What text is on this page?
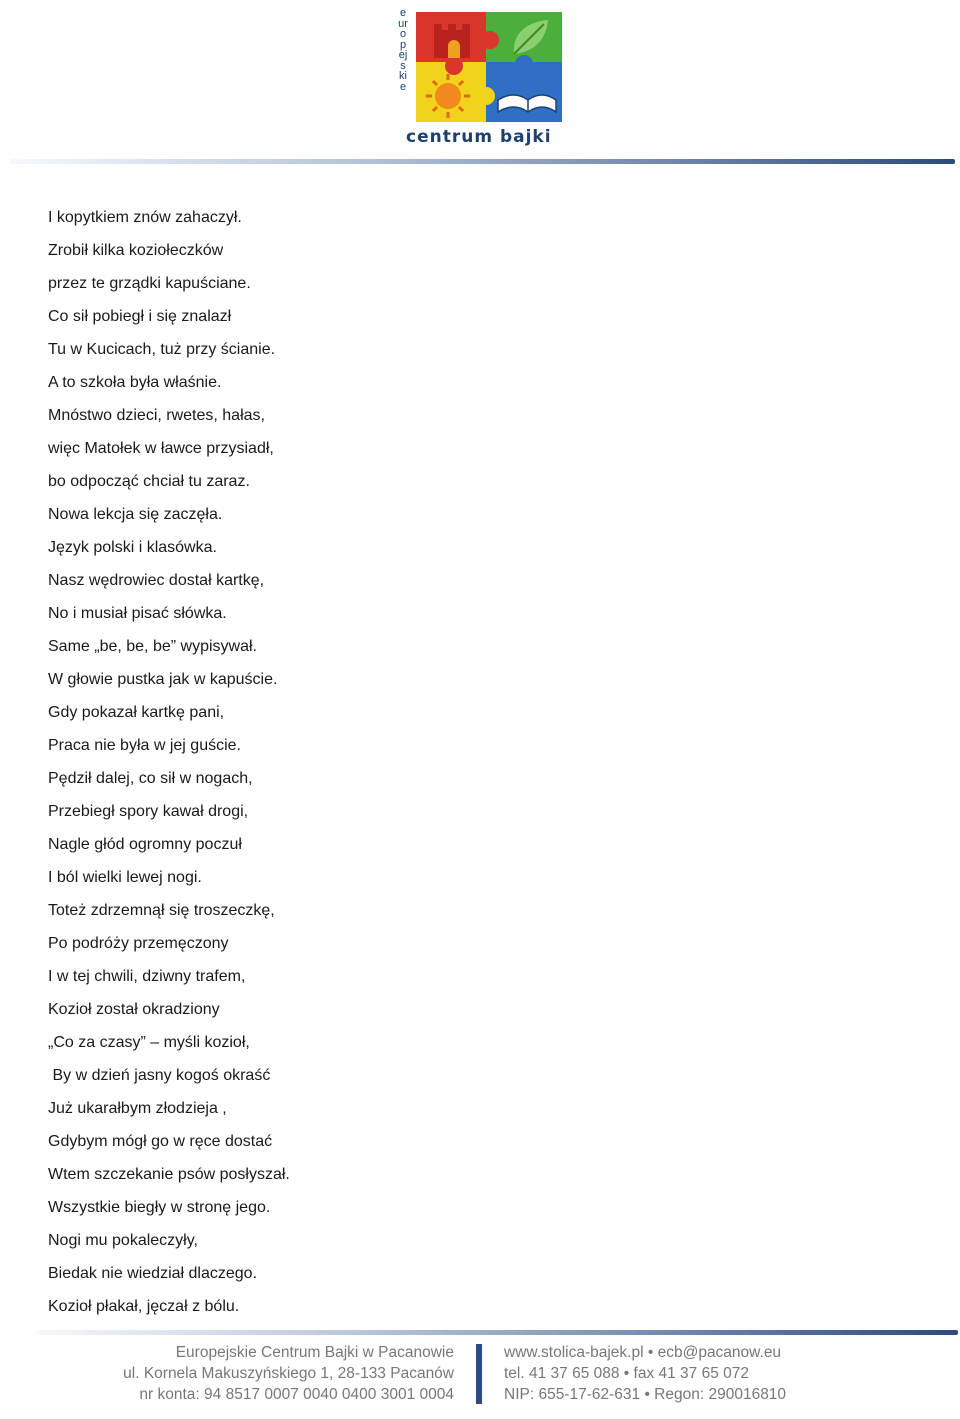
europejskie
centrum bajki
I kopytkiem znów zahaczył.
Zrobił kilka koziołeczków
przez te grządki kapuściane.
Co sił pobiegł i się znalazł
Tu w Kucicach, tuż przy ścianie.
A to szkoła była właśnie.
Mnóstwo dzieci, rwetes, hałas,
więc Matołek w ławce przysiadł,
bo odpocząć chciał tu zaraz.
Nowa lekcja się zaczęła.
Język polski i klasówka.
Nasz wędrowiec dostał kartkę,
No i musiał pisać słówka.
Same „be, be, be” wypisywał.
W głowie pustka jak w kapuście.
Gdy pokazał kartkę pani,
Praca nie była w jej guście.
Pędził dalej, co sił w nogach,
Przebiegł spory kawał drogi,
Nagle głód ogromny poczuł
I ból wielki lewej nogi.
Toteż zdrzemnął się troszeczkę,
Po podróży przemęczony
I w tej chwili, dziwny trafem,
Kozioł został okradziony
„Co za czasy” – myśli kozioł,
By w dzień jasny kogoś okraść
Już ukarałbym złodzieja ,
Gdybym mógł go w ręce dostać
Wtem szczekanie psów posłyszał.
Wszystkie biegły w stronę jego.
Nogi mu pokaleczyły,
Biedak nie wiedział dlaczego.
Kozioł płakał, jęczał z bólu.
Europejskie Centrum Bajki w Pacanowie
ul. Kornela Makuszyńskiego 1, 28-133 Pacanów
nr konta: 94 8517 0007 0040 0400 3001 0004
www.stolica-bajek.pl • ecb@pacanow.eu
tel. 41 37 65 088 • fax 41 37 65 072
NIP: 655-17-62-631 • Regon: 290016810
